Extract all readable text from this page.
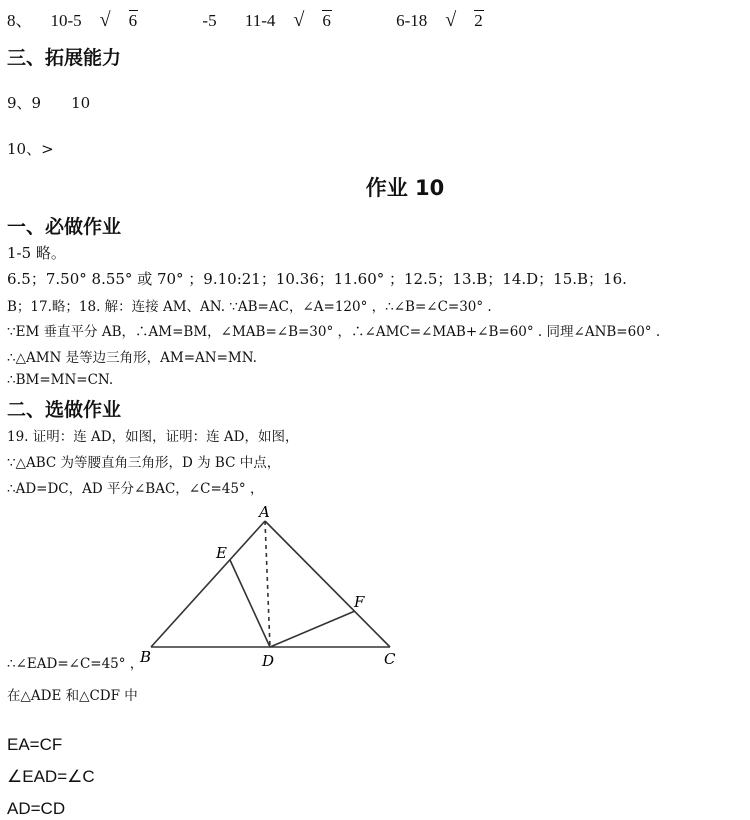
8、 10-5 √ 6	-5 11-4 √ 6	6-18 √ 2
三、拓展能力
9、9　　10
10、>
作业 10
一、必做作业
1-5 略。
6.5；7.50° 8.55° 或 70° ；9.10:21；10.36；11.60° ；12.5；13.B；14.D；15.B；16.
B；17.略；18. 解：连接 AM、AN. ∵AB=AC，∠A=120° ，∴∠B=∠C=30° .
∵EM 垂直平分 AB，∴AM=BM，∠MAB=∠B=30° ，∴∠AMC=∠MAB+∠B=60° . 同理∠ANB=60° .
∴△AMN 是等边三角形，AM=AN=MN.
∴BM=MN=CN.
二、选做作业
19. 证明：连 AD，如图，证明：连 AD，如图，
∵△ABC 为等腰直角三角形，D 为 BC 中点，
∴AD=DC，AD 平分∠BAC，∠C=45° ，
A
B	C
D
E
F
∴∠EAD=∠C=45° ，
在△ADE 和△CDF 中
EA=CF
∠EAD=∠C
AD=CD
